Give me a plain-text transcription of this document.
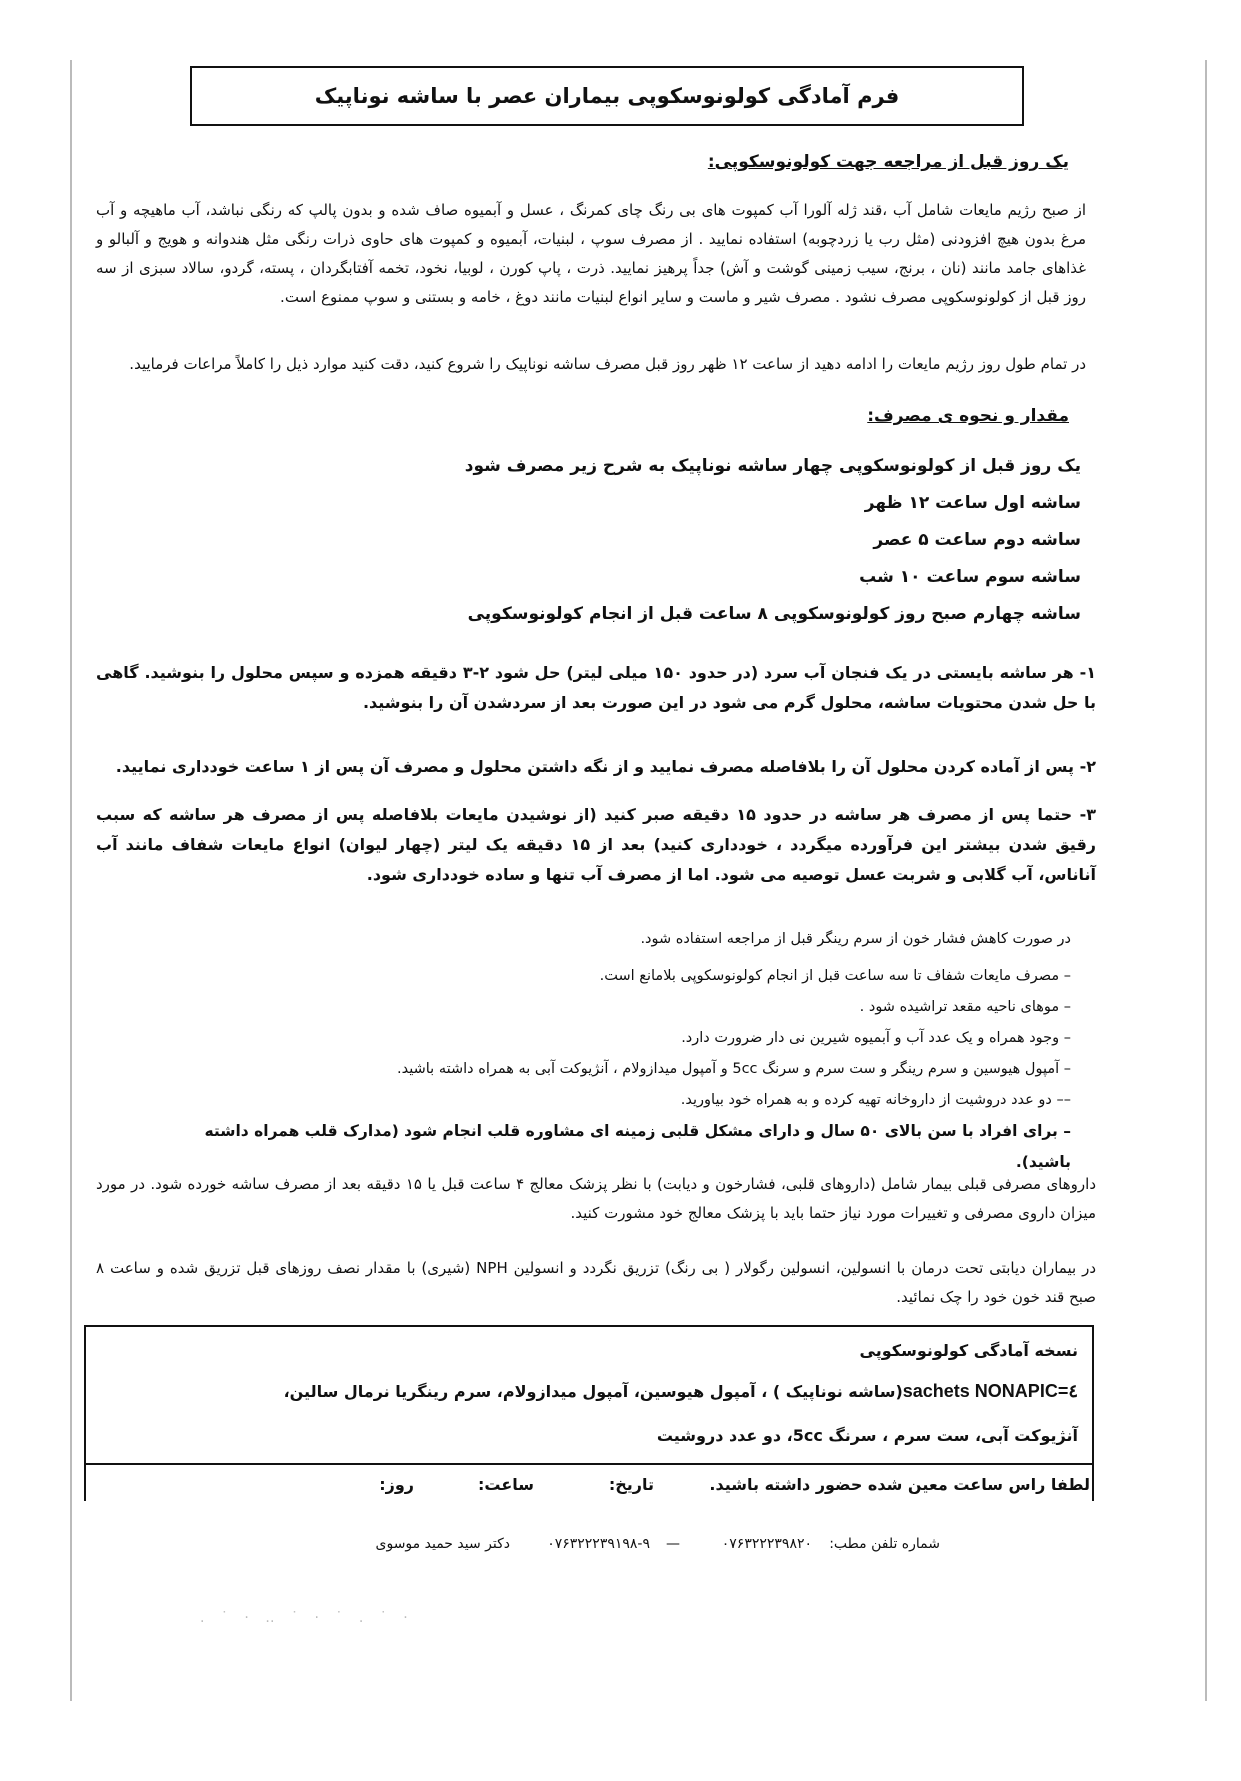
فرم آمادگی کولونوسکوپی بیماران عصر با ساشه نوناپیک
یک روز قبل از مراجعه جهت کولونوسکوپی:
از صبح رژیم مایعات شامل آب ،قند ژله آلورا آب کمپوت های بی رنگ چای کمرنگ ، عسل و آبمیوه صاف شده و بدون پالپ که رنگی نباشد، آب ماهیچه و آب مرغ بدون هیچ افزودنی (مثل رب یا زردچوبه) استفاده نمایید . از مصرف سوپ ، لبنیات، آبمیوه و کمپوت های حاوی ذرات رنگی مثل هندوانه و هویج و آلبالو و غذاهای جامد مانند (نان ، برنج، سیب زمینی گوشت و آش) جداً پرهیز نمایید. ذرت ، پاپ کورن ، لوبیا، نخود، تخمه آفتابگردان ، پسته، گردو، سالاد سبزی از سه روز قبل از کولونوسکوپی مصرف نشود . مصرف شیر و ماست و سایر انواع لبنیات مانند دوغ ، خامه و بستنی و سوپ ممنوع است.
در تمام طول روز رژیم مایعات را ادامه دهید از ساعت ۱۲ ظهر روز قبل مصرف ساشه نوناپیک را شروع کنید، دقت کنید موارد ذیل را کاملاً مراعات فرمایید.
مقدار و نحوه ی مصرف:
یک روز قبل از کولونوسکوپی چهار ساشه نوناپیک به شرح زیر مصرف شود
ساشه اول ساعت ۱۲ ظهر
ساشه دوم ساعت ۵ عصر
ساشه سوم ساعت ۱۰ شب
ساشه چهارم صبح روز کولونوسکوپی ۸ ساعت قبل از انجام کولونوسکوپی
۱- هر ساشه بایستی در یک فنجان آب سرد (در حدود ۱۵۰ میلی لیتر) حل شود ۲-۳ دقیقه همزده و سپس محلول را بنوشید. گاهی با حل شدن محتویات ساشه، محلول گرم می شود در این صورت بعد از سردشدن آن را بنوشید.
۲- پس از آماده کردن محلول آن را بلافاصله مصرف نمایید و از نگه داشتن محلول و مصرف آن پس از ۱ ساعت خودداری نمایید.
۳- حتما پس از مصرف هر ساشه در حدود ۱۵ دقیقه صبر کنید (از نوشیدن مایعات بلافاصله پس از مصرف هر ساشه که سبب رقیق شدن بیشتر این فرآورده میگردد ، خودداری کنید) بعد از ۱۵ دقیقه یک لیتر (چهار لیوان) انواع مایعات شفاف مانند آب آناناس، آب گلابی و شربت عسل توصیه می شود. اما از مصرف آب تنها و ساده خودداری شود.
در صورت کاهش فشار خون از سرم رینگر قبل از مراجعه استفاده شود.
– مصرف مایعات شفاف تا سه ساعت قبل از انجام کولونوسکوپی بلامانع است.
– موهای ناحیه مقعد تراشیده شود .
– وجود همراه و یک عدد آب و آبمیوه شیرین نی دار ضرورت دارد.
– آمپول هیوسین و سرم رینگر و ست سرم و سرنگ 5cc و آمپول میدازولام ، آنژیوکت آبی به همراه داشته باشید.
–– دو عدد دروشیت از داروخانه تهیه کرده و به همراه خود بیاورید.
– برای افراد با سن بالای ۵۰ سال و دارای مشکل قلبی زمینه ای مشاوره قلب انجام شود (مدارک قلب همراه داشته باشید).
داروهای مصرفی قبلی بیمار شامل (داروهای قلبی، فشارخون و دیابت) با نظر پزشک معالج ۴ ساعت قبل یا ۱۵ دقیقه بعد از مصرف ساشه خورده شود. در مورد میزان داروی مصرفی و تغییرات مورد نیاز حتما باید با پزشک معالج خود مشورت کنید.
در بیماران دیابتی تحت درمان با انسولین، انسولین رگولار ( بی رنگ) تزریق نگردد و انسولین NPH (شیری) با مقدار نصف روزهای قبل تزریق شده و ساعت ۸ صبح قند خون خود را چک نمائید.
نسخه آمادگی کولونوسکوپی
sachets NONAPIC=٤(ساشه نوناپیک ) ، آمپول هیوسین، آمپول میدازولام، سرم رینگریا نرمال سالین،
آنژیوکت آبی، ست سرم ، سرنگ 5cc، دو عدد دروشیت
لطفا راس ساعت معین شده حضور داشته باشید.
تاریخ:
ساعت:
روز:
شماره تلفن مطب:
۰۷۶۳۲۲۲۳۹۸۲۰
—
۰۷۶۳۲۲۲۳۹۱۹۸-۹
دکتر سید حمید موسوی
· ˙ . ˙ · ˙ ‥ · ˙ .
